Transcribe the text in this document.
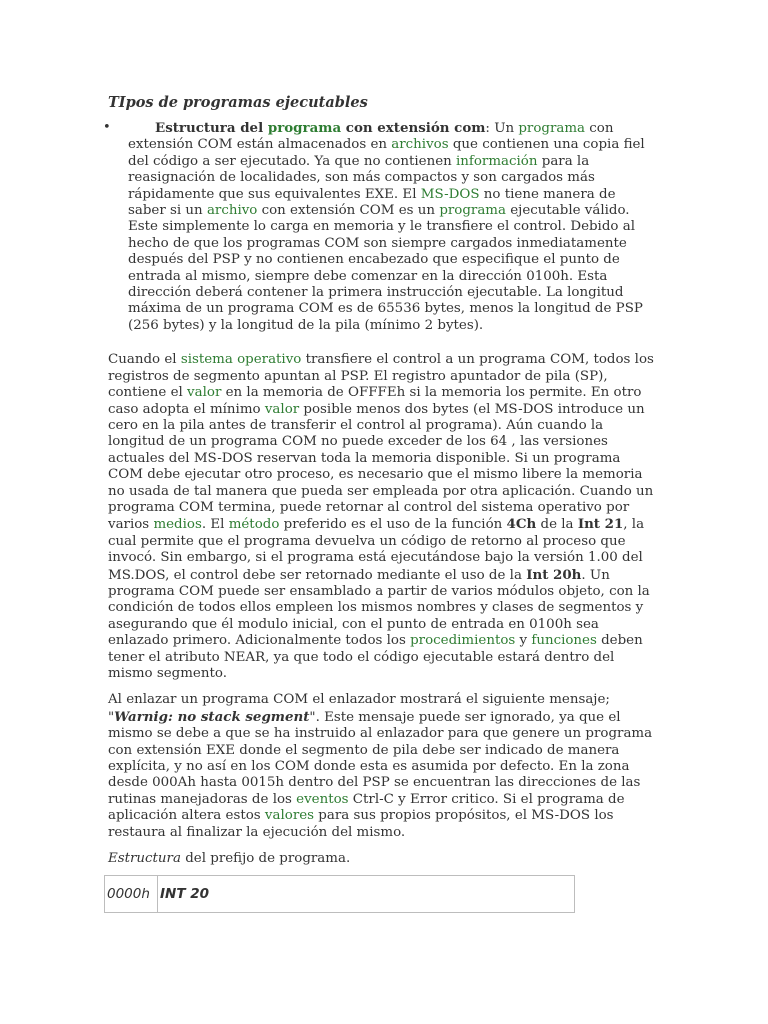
TIpos de programas ejecutables
•	Estructura del programa con extensión com: Un programa con extensión COM están almacenados en archivos que contienen una copia fiel del código a ser ejecutado. Ya que no contienen información para la reasignación de localidades, son más compactos y son cargados más rápidamente que sus equivalentes EXE. El MS-DOS no tiene manera de saber si un archivo con extensión COM es un programa ejecutable válido. Este simplemente lo carga en memoria y le transfiere el control. Debido al hecho de que los programas COM son siempre cargados inmediatamente después del PSP y no contienen encabezado que especifique el punto de entrada al mismo, siempre debe comenzar en la dirección 0100h. Esta dirección deberá contener la primera instrucción ejecutable. La longitud máxima de un programa COM es de 65536 bytes, menos la longitud de PSP (256 bytes) y la longitud de la pila (mínimo 2 bytes).

Cuando el sistema operativo transfiere el control a un programa COM, todos los registros de segmento apuntan al PSP. El registro apuntador de pila (SP), contiene el valor en la memoria de OFFFEh si la memoria los permite. En otro caso adopta el mínimo valor posible menos dos bytes (el MS-DOS introduce un cero en la pila antes de transferir el control al programa). Aún cuando la longitud de un programa COM no puede exceder de los 64 , las versiones actuales del MS-DOS reservan toda la memoria disponible. Si un programa COM debe ejecutar otro proceso, es necesario que el mismo libere la memoria no usada de tal manera que pueda ser empleada por otra aplicación. Cuando un programa COM termina, puede retornar al control del sistema operativo por varios medios. El método preferido es el uso de la función 4Ch de la Int 21, la cual permite que el programa devuelva un código de retorno al proceso que invocó. Sin embargo, si el programa está ejecutándose bajo la versión 1.00 del MS.DOS, el control debe ser retornado mediante el uso de la Int 20h. Un programa COM puede ser ensamblado a partir de varios módulos objeto, con la condición de todos ellos empleen los mismos nombres y clases de segmentos y asegurando que él modulo inicial, con el punto de entrada en 0100h sea enlazado primero. Adicionalmente todos los procedimientos y funciones deben tener el atributo NEAR, ya que todo el código ejecutable estará dentro del mismo segmento.

Al enlazar un programa COM el enlazador mostrará el siguiente mensaje; "Warnig: no stack segment". Este mensaje puede ser ignorado, ya que el mismo se debe a que se ha instruido al enlazador para que genere un programa con extensión EXE donde el segmento de pila debe ser indicado de manera explícita, y no así en los COM donde esta es asumida por defecto. En la zona desde 000Ah hasta 0015h dentro del PSP se encuentran las direcciones de las rutinas manejadoras de los eventos Ctrl-C y Error critico. Si el programa de aplicación altera estos valores para sus propios propósitos, el MS-DOS los restaura al finalizar la ejecución del mismo.

Estructura del prefijo de programa.

0000h	INT 20
